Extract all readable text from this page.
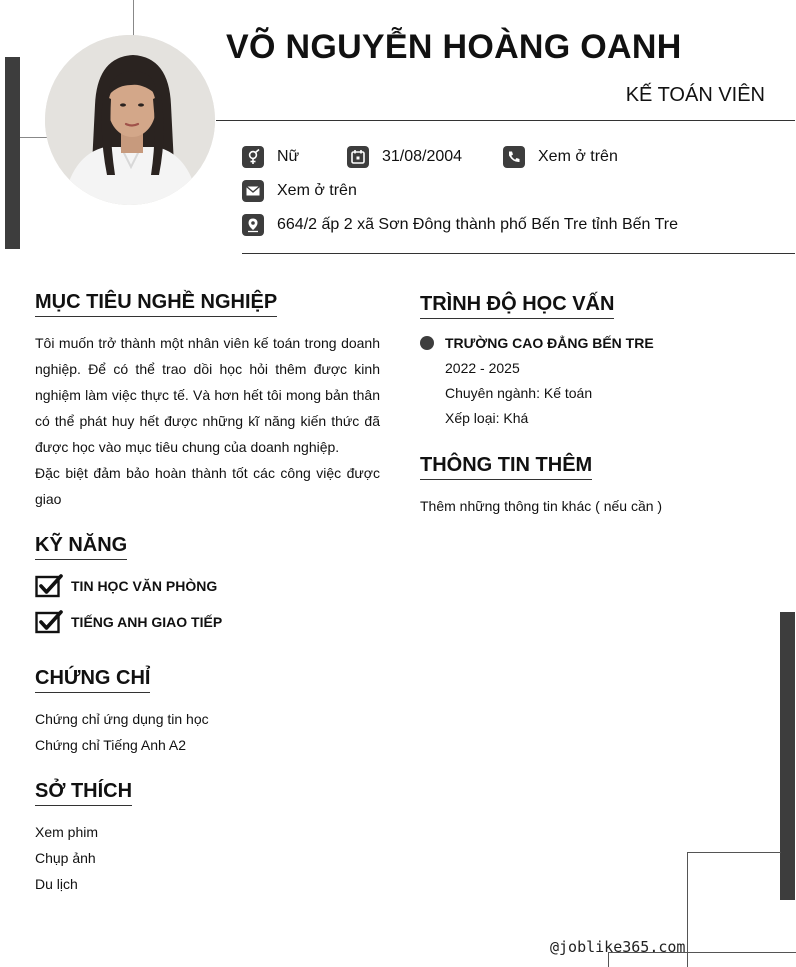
VÕ NGUYỄN HOÀNG OANH
KẾ TOÁN VIÊN
Nữ	31/08/2004	Xem ở trên
Xem ở trên
664/2 ấp 2 xã Sơn Đông thành phố Bến Tre tỉnh Bến Tre
MỤC TIÊU NGHỀ NGHIỆP

Tôi muốn trở thành một nhân viên kế toán trong doanh nghiệp. Để có thể trao dồi học hỏi thêm được kinh nghiệm làm việc thực tế. Và hơn hết tôi mong bản thân có thể phát huy hết được những kĩ năng kiến thức đã được học vào mục tiêu chung của doanh nghiệp.

Đặc biệt đảm bảo hoàn thành tốt các công việc được giao

KỸ NĂNG
TIN HỌC VĂN PHÒNG
TIẾNG ANH GIAO TIẾP
CHỨNG CHỈ
Chứng chỉ ứng dụng tin học
Chứng chỉ Tiếng Anh A2
SỞ THÍCH
Xem phim
Chụp ảnh
Du lịch
TRÌNH ĐỘ HỌC VẤN
TRƯỜNG CAO ĐẲNG BẾN TRE
2022 - 2025
Chuyên ngành: Kế toán
Xếp loại: Khá
THÔNG TIN THÊM
Thêm những thông tin khác ( nếu cần )
@joblike365.com
